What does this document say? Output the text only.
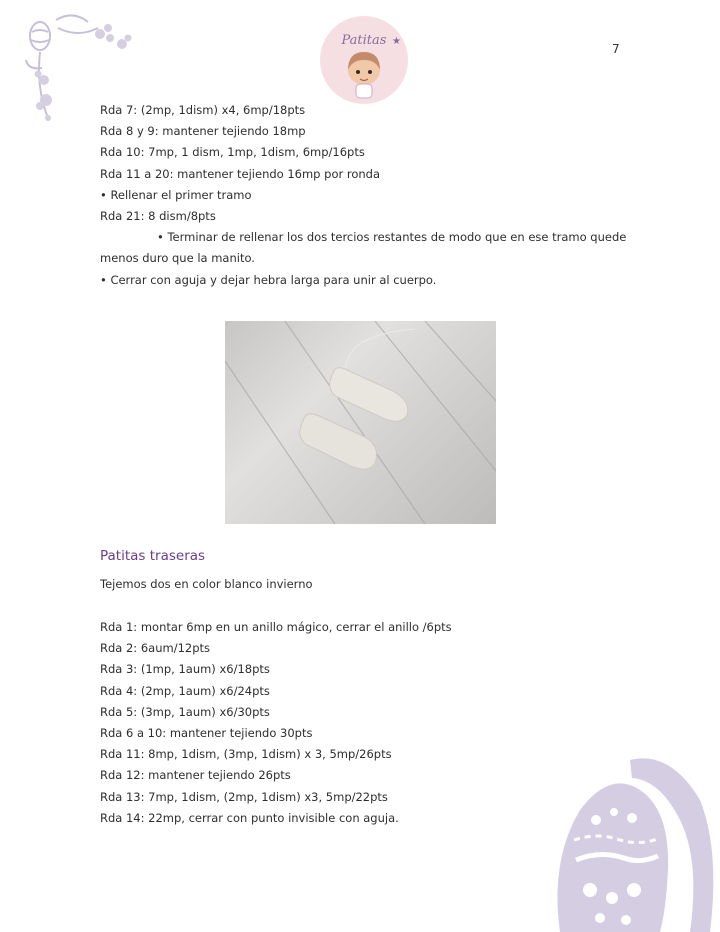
Patitas ★
7
Rda 7: (2mp, 1dism) x4, 6mp/18pts
Rda 8 y 9: mantener tejiendo 18mp
Rda 10: 7mp, 1 dism, 1mp, 1dism, 6mp/16pts
Rda 11 a 20: mantener tejiendo 16mp por ronda
• Rellenar el primer tramo
Rda 21: 8 dism/8pts
• Terminar de rellenar los dos tercios restantes de modo que en ese tramo quede
menos duro que la manito.
• Cerrar con aguja y dejar hebra larga para unir al cuerpo.
Patitas traseras
Tejemos dos en color blanco invierno
Rda 1: montar 6mp en un anillo mágico, cerrar el anillo /6pts
Rda 2: 6aum/12pts
Rda 3: (1mp, 1aum) x6/18pts
Rda 4: (2mp, 1aum) x6/24pts
Rda 5: (3mp, 1aum) x6/30pts
Rda 6 a 10: mantener tejiendo 30pts
Rda 11: 8mp, 1dism, (3mp, 1dism) x 3, 5mp/26pts
Rda 12: mantener tejiendo 26pts
Rda 13: 7mp, 1dism, (2mp, 1dism) x3, 5mp/22pts
Rda 14: 22mp, cerrar con punto invisible con aguja.
